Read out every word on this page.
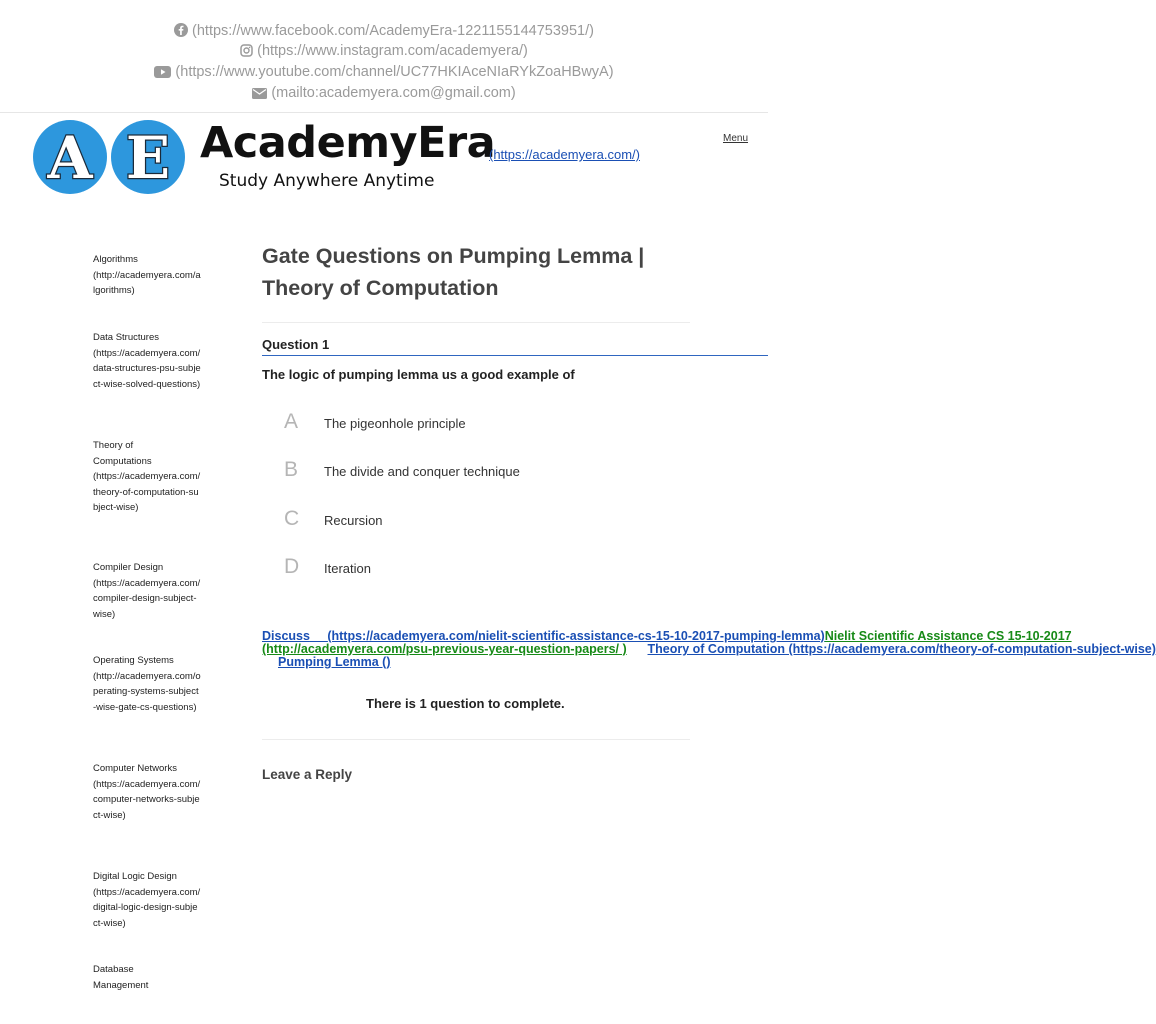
(https://www.facebook.com/AcademyEra-1221155144753951/)
(https://www.instagram.com/academyera/)
(https://www.youtube.com/channel/UC77HKIAceNIaRYkZoaHBwyA)
(mailto:academyera.com@gmail.com)
A E AcademyEra
Study Anywhere Anytime
(https://academyera.com/)
Menu
Algorithms
(http://academyera.com/algorithms)
Data Structures
(https://academyera.com/data-structures-psu-subject-wise-solved-questions)
Theory of Computations
(https://academyera.com/theory-of-computation-subject-wise)
Compiler Design
(https://academyera.com/compiler-design-subject-wise)
Operating Systems
(http://academyera.com/operating-systems-subject-wise-gate-cs-questions)
Computer Networks
(https://academyera.com/computer-networks-subject-wise)
Digital Logic Design
(https://academyera.com/digital-logic-design-subject-wise)
Database Management
Gate Questions on Pumping Lemma | Theory of Computation
Question 1
The logic of pumping lemma us a good example of
A The pigeonhole principle
B The divide and conquer technique
C Recursion
D Iteration
Discuss (https://academyera.com/nielit-scientific-assistance-cs-15-10-2017-pumping-lemma)Nielit Scientific Assistance CS 15-10-2017
(http://academyera.com/psu-previous-year-question-papers/ ) Theory of Computation (https://academyera.com/theory-of-computation-subject-wise)
Pumping Lemma ()
There is 1 question to complete.
Leave a Reply
